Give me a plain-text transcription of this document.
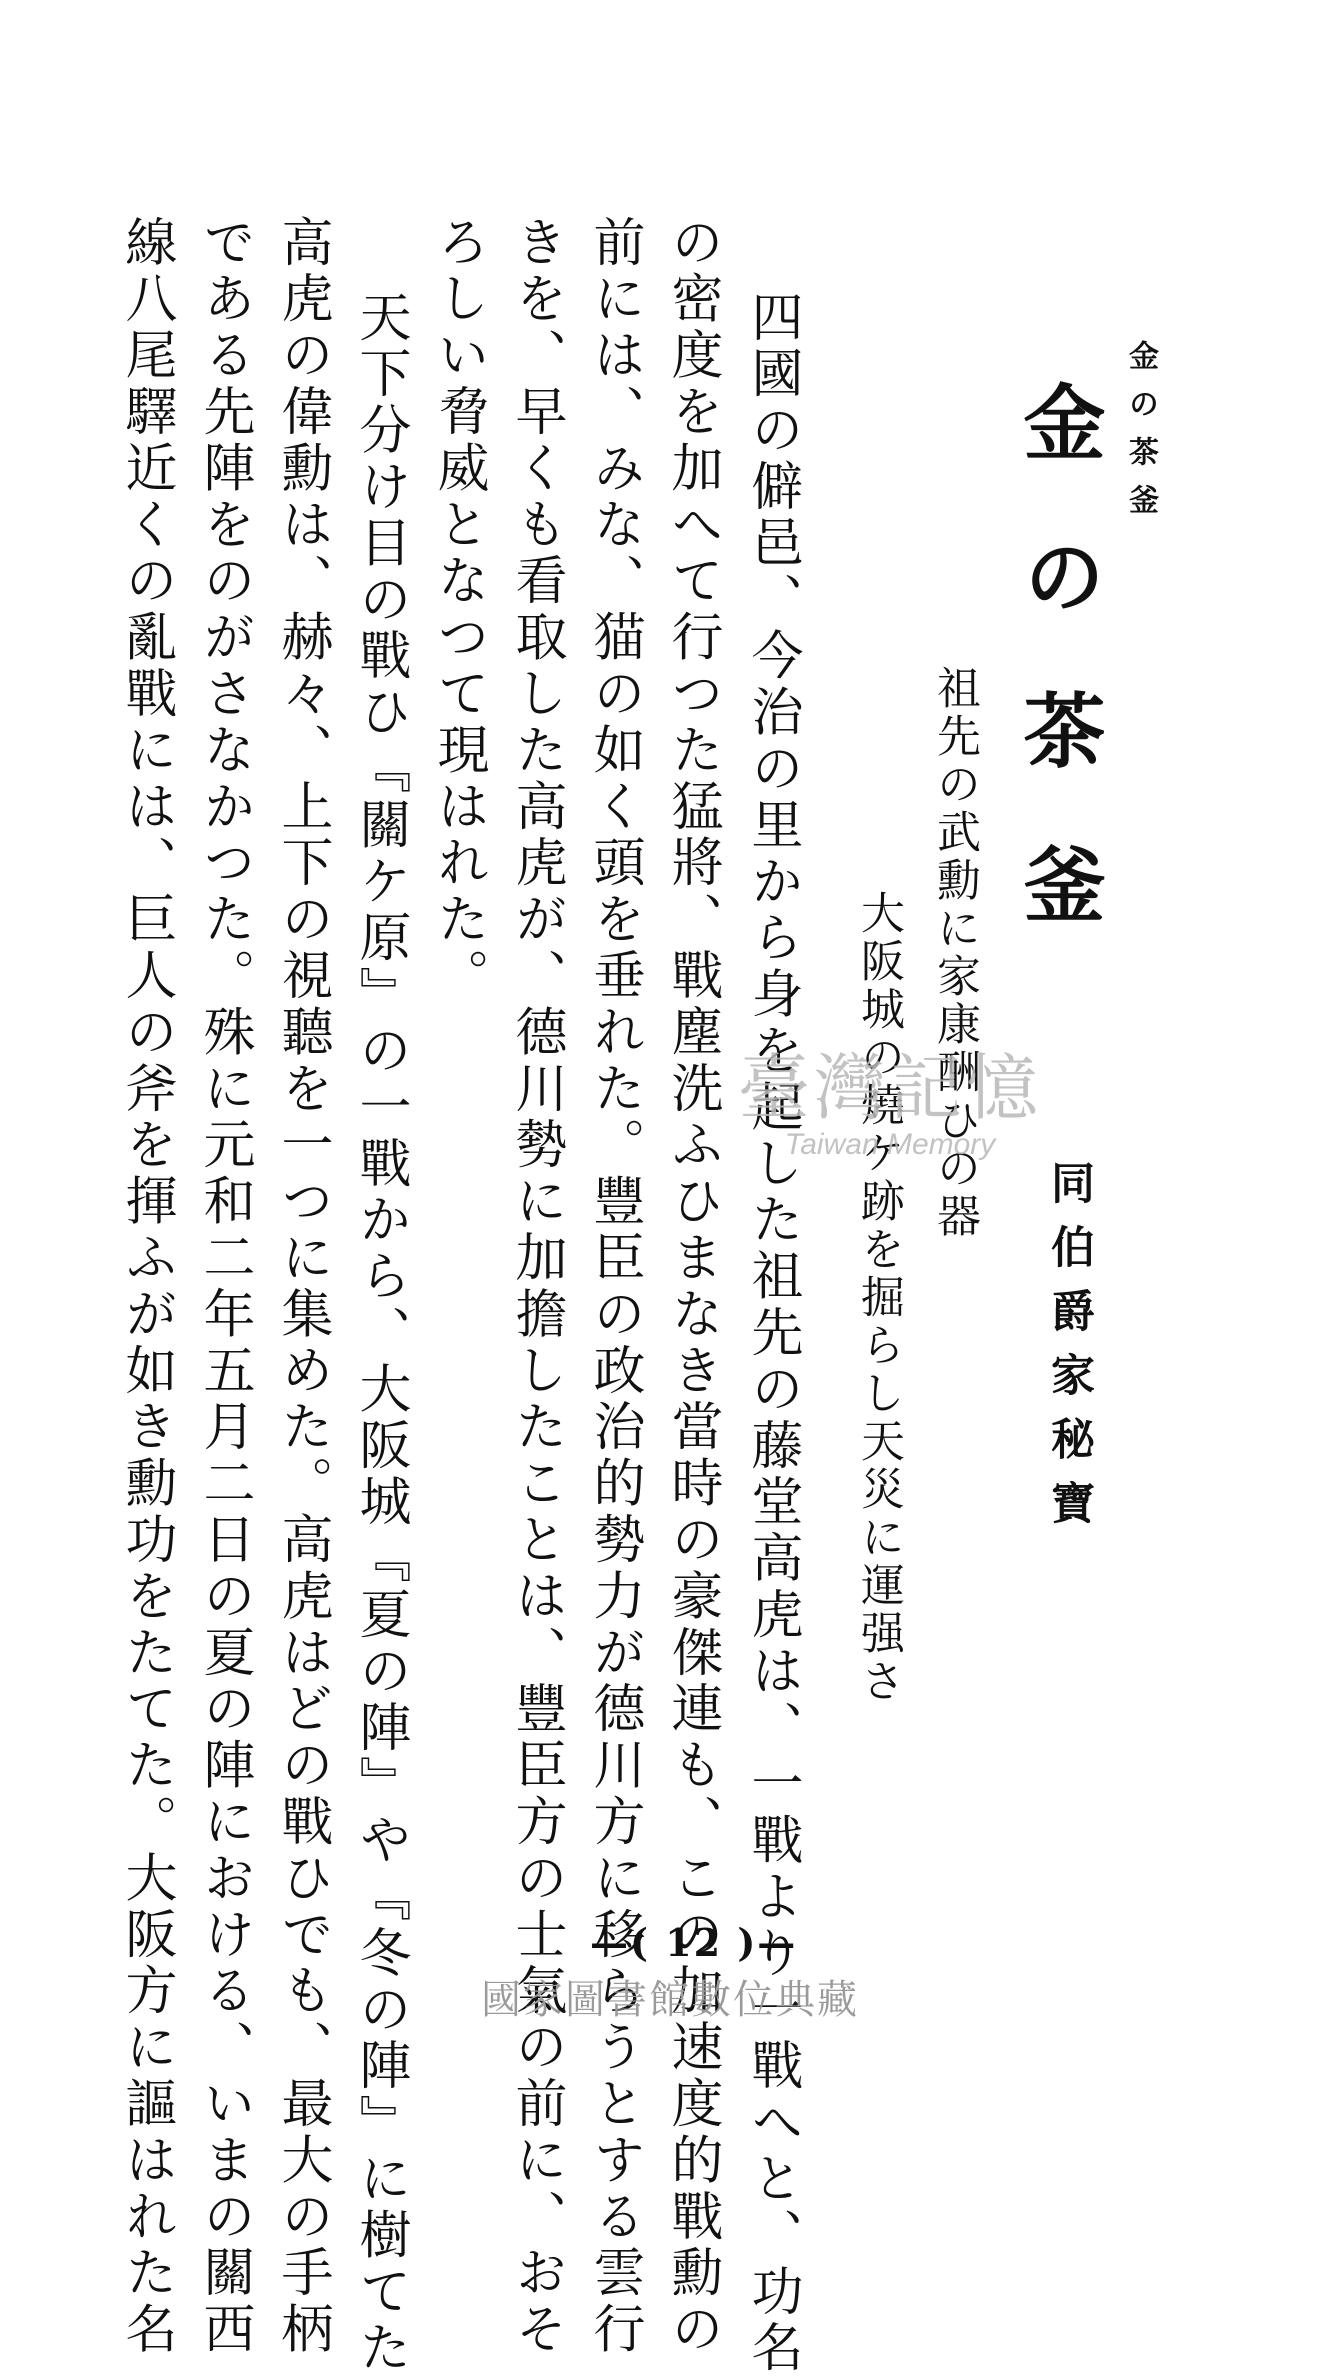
金の茶釜
金の茶釜
祖先の武勳に家康酬ひの器
大阪城の燒ケ跡を掘らし天災に運强さ	同伯爵家秘寶
四國の僻邑、今治の里から身を起した祖先の藤堂高虎は、一戰より一戰へと、功名
の密度を加へて行つた猛將、戰塵洗ふひまなき當時の豪傑連も、この加速度的戰勳の
前には、みな、猫の如く頭を垂れた。豐臣の政治的勢力が德川方に移らうとする雲行
きを、早くも看取した高虎が、德川勢に加擔したことは、豐臣方の士氣の前に、おそ
ろしい脅威となつて現はれた。
天下分け目の戰ひ『關ケ原』の一戰から、大阪城『夏の陣』や『冬の陣』に樹てた
高虎の偉勳は、赫々、上下の視聽を一つに集めた。高虎はどの戰ひでも、最大の手柄
である先陣をのがさなかつた。殊に元和二年五月二日の夏の陣における、いまの關西
線八尾驛近くの亂戰には、巨人の斧を揮ふが如き勳功をたてた。大阪方に謳はれた名	臺灣記憶
Taiwan Memory
—( 12 )—
國家圖書館數位典藏
